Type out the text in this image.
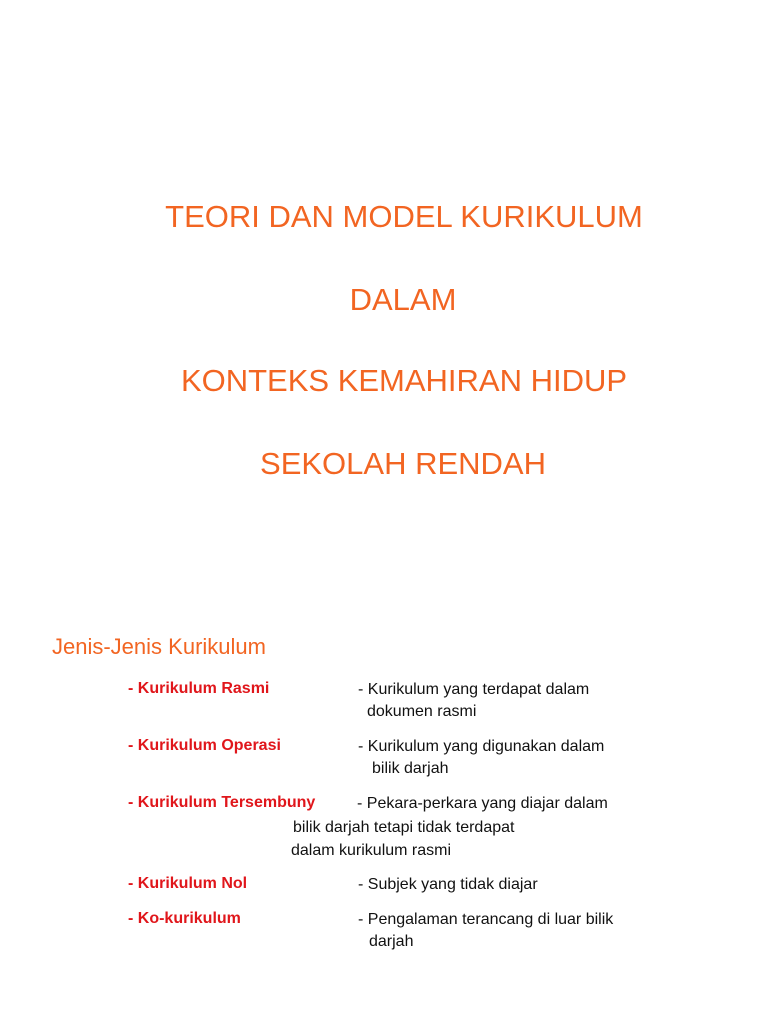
TEORI DAN MODEL KURIKULUM
DALAM
KONTEKS KEMAHIRAN HIDUP
SEKOLAH RENDAH
Jenis-Jenis Kurikulum
- Kurikulum Rasmi	- Kurikulum yang terdapat dalam
dokumen rasmi
- Kurikulum Operasi	- Kurikulum yang digunakan dalam
bilik darjah
- Kurikulum Tersembuny	- Pekara-perkara yang diajar dalam
bilik darjah tetapi tidak terdapat
dalam kurikulum rasmi
- Kurikulum Nol	- Subjek yang tidak diajar
- Ko-kurikulum	- Pengalaman terancang di luar bilik
darjah
